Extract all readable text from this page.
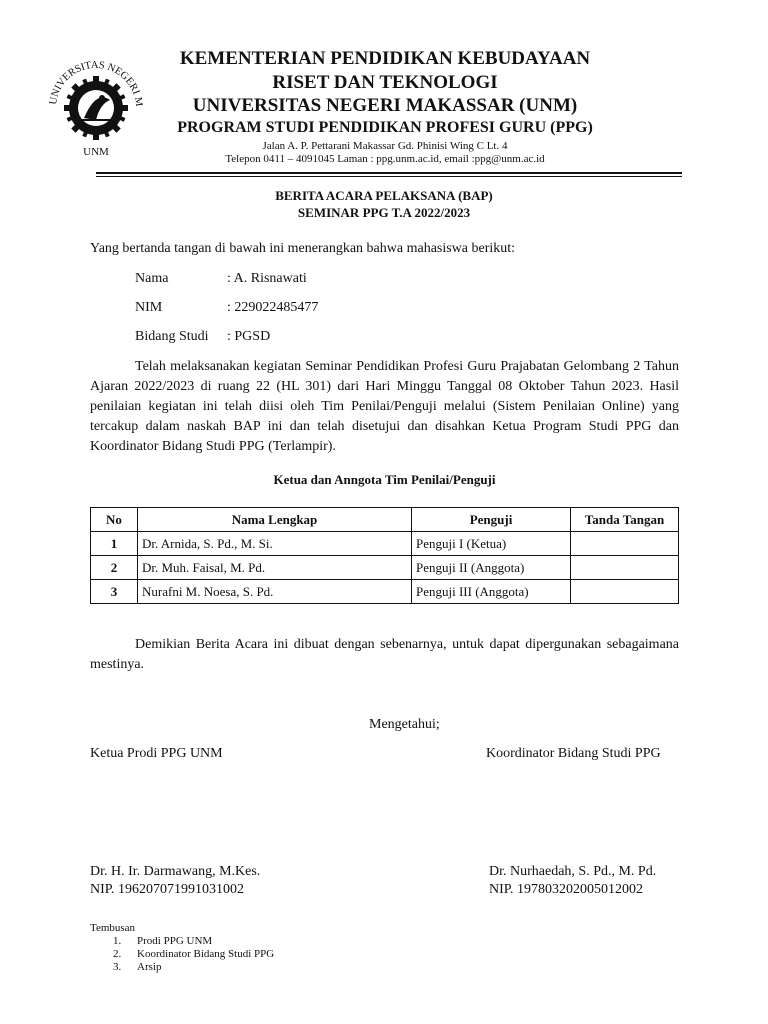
UNIVERSITAS NEGERI M
UNM
KEMENTERIAN PENDIDIKAN KEBUDAYAAN
RISET DAN TEKNOLOGI
UNIVERSITAS NEGERI MAKASSAR (UNM)
PROGRAM STUDI PENDIDIKAN PROFESI GURU (PPG)
Jalan A. P. Pettarani Makassar Gd. Phinisi Wing C Lt. 4
Telepon 0411 – 4091045 Laman : ppg.unm.ac.id, email :ppg@unm.ac.id
BERITA ACARA PELAKSANA (BAP)
SEMINAR PPG T.A 2022/2023
Yang bertanda tangan di bawah ini menerangkan bahwa mahasiswa berikut:
Nama	: A. Risnawati
NIM	: 229022485477
Bidang Studi : PGSD
Telah melaksanakan kegiatan Seminar Pendidikan Profesi Guru Prajabatan Gelombang 2 Tahun Ajaran 2022/2023 di ruang 22 (HL 301) dari Hari Minggu Tanggal 08 Oktober Tahun 2023. Hasil penilaian kegiatan ini telah diisi oleh Tim Penilai/Penguji melalui (Sistem Penilaian Online) yang tercakup dalam naskah BAP ini dan telah disetujui dan disahkan Ketua Program Studi PPG dan Koordinator Bidang Studi PPG (Terlampir).
Ketua dan Anngota Tim Penilai/Penguji
No	Nama Lengkap	Penguji	Tanda Tangan
1	Dr. Arnida, S. Pd., M. Si.	Penguji I (Ketua)	
2	Dr. Muh. Faisal, M. Pd.	Penguji II (Anggota)	
3	Nurafni M. Noesa, S. Pd.	Penguji III (Anggota)	
Demikian Berita Acara ini dibuat dengan sebenarnya, untuk dapat dipergunakan sebagaimana mestinya.
Mengetahui;
Ketua Prodi PPG UNM	Koordinator Bidang Studi PPG
Dr. H. Ir. Darmawang, M.Kes.
NIP. 196207071991031002
Dr. Nurhaedah, S. Pd., M. Pd.
NIP. 197803202005012002
Tembusan
1. Prodi PPG UNM
2. Koordinator Bidang Studi PPG
3. Arsip
